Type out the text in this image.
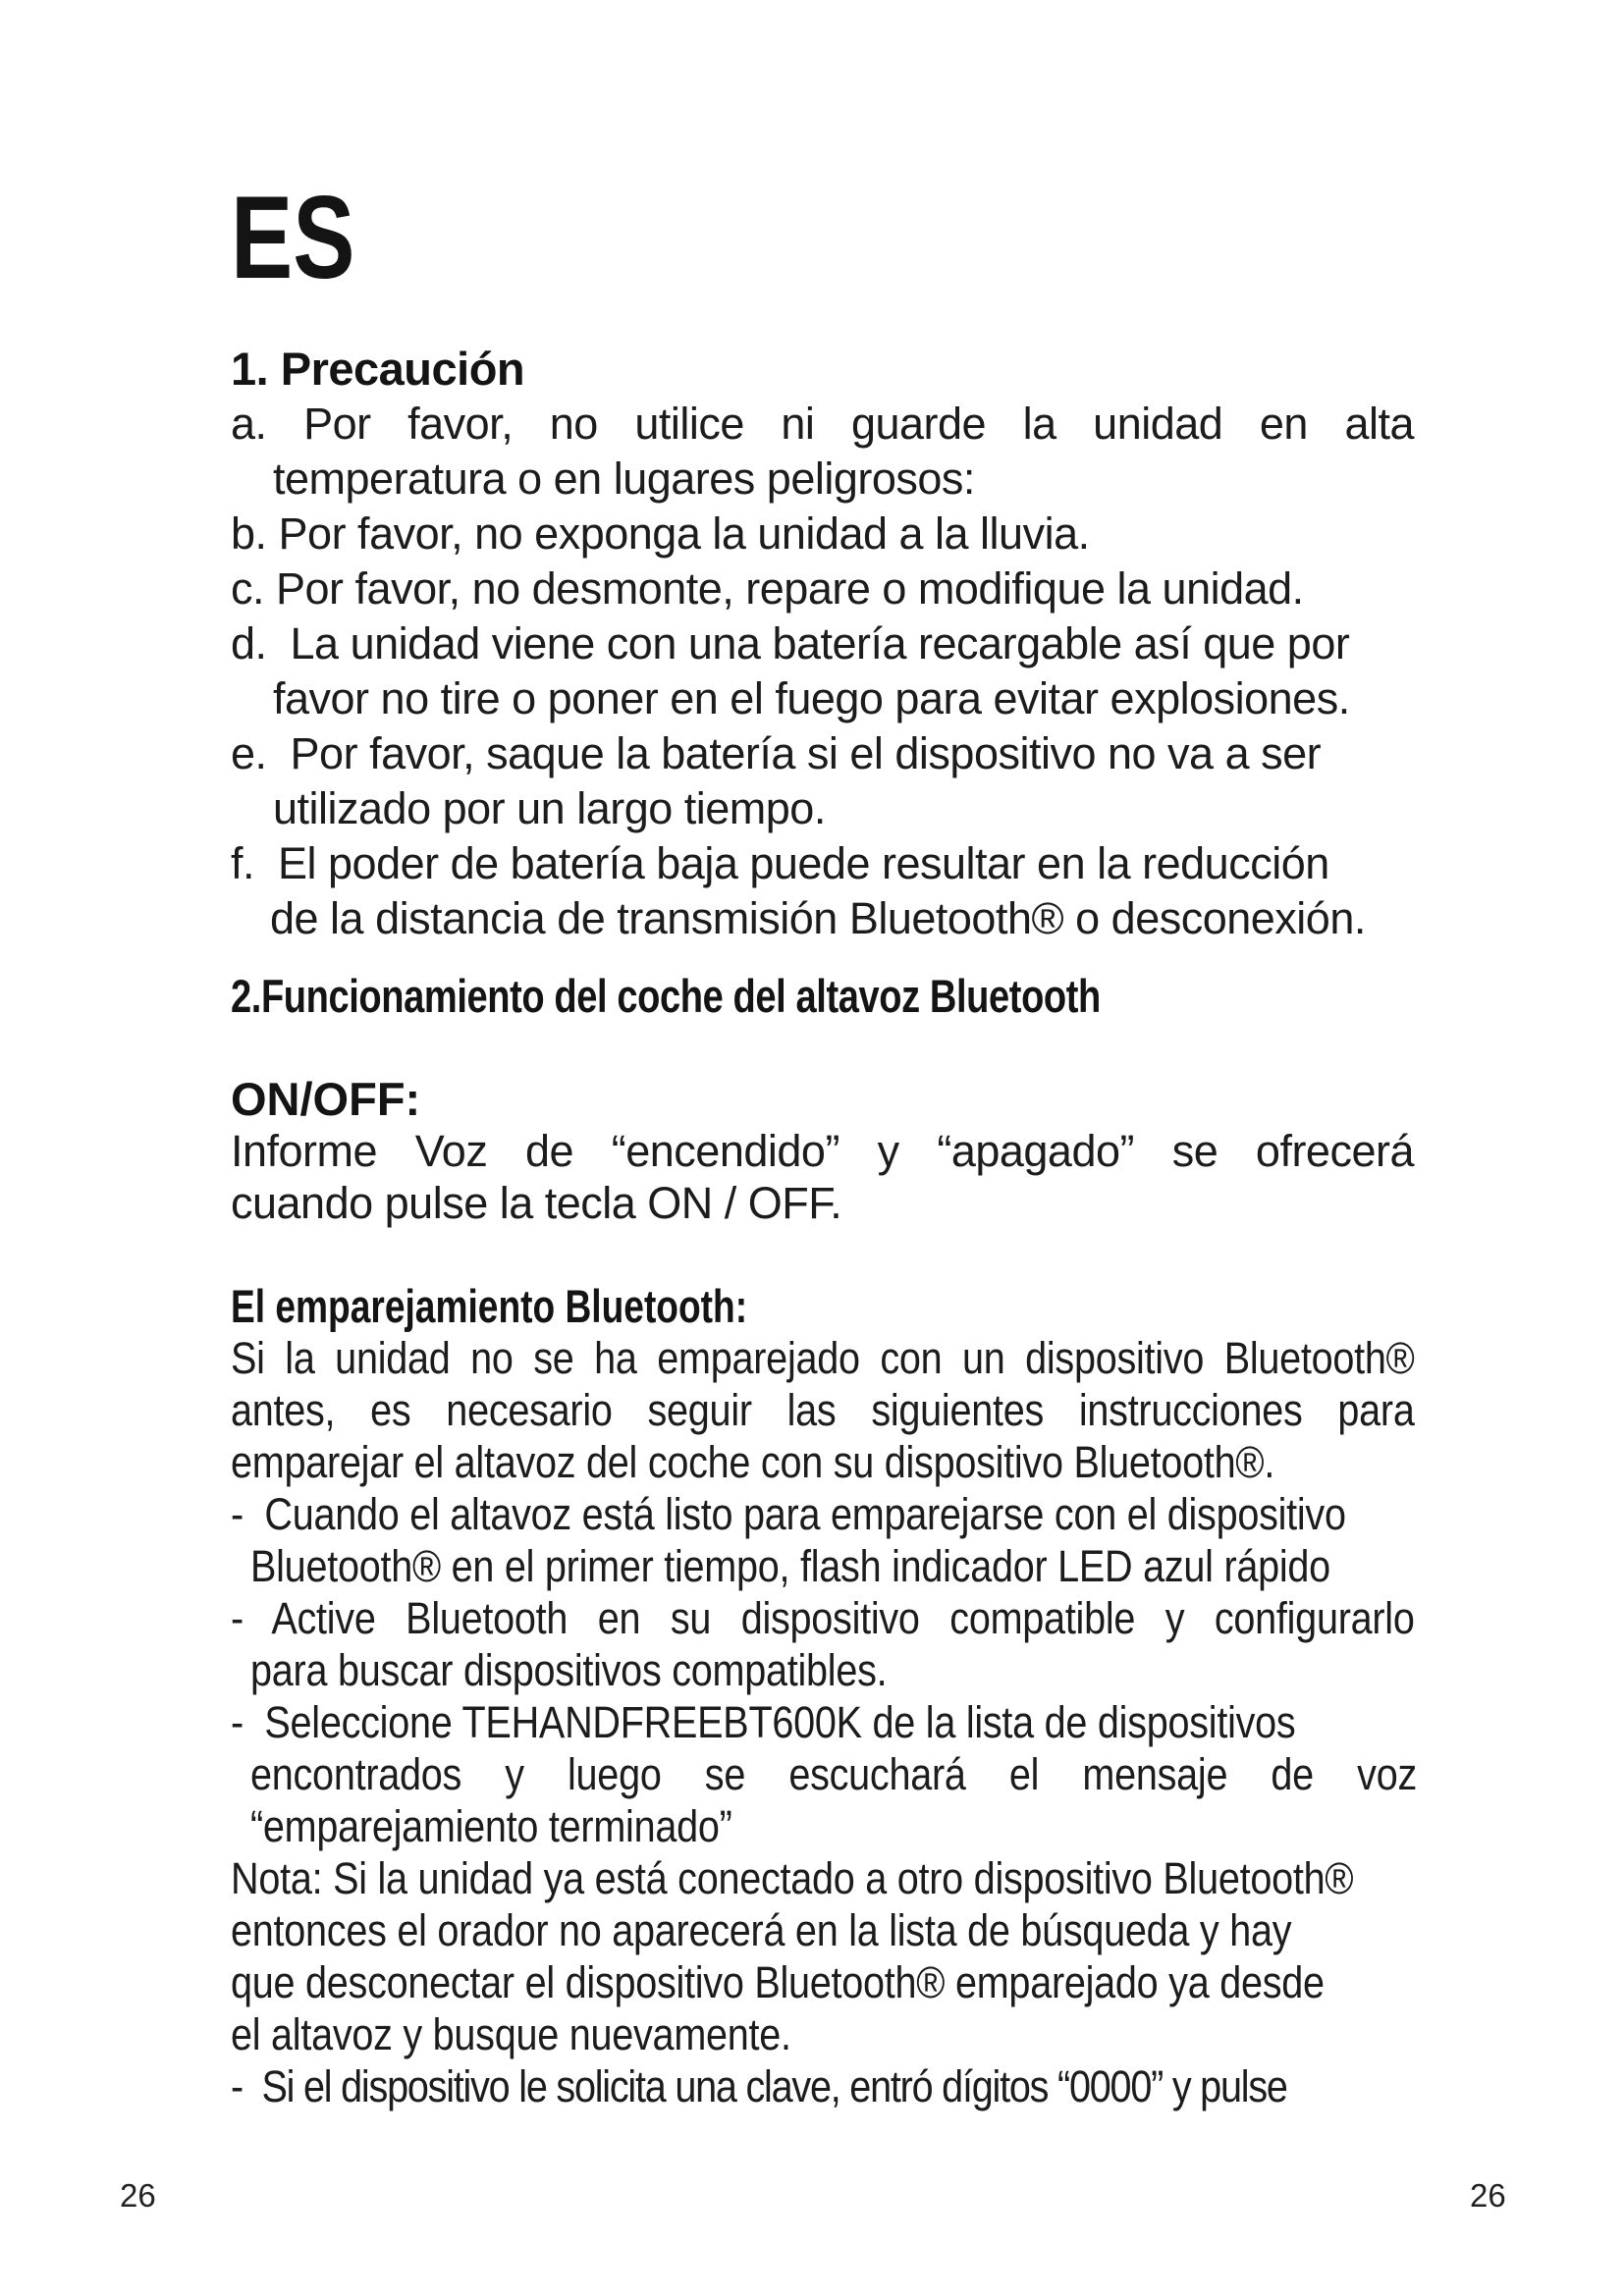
ES
1. Precaución
a. Por favor, no utilice ni guarde la unidad en alta
temperatura o en lugares peligrosos:
b. Por favor, no exponga la unidad a la lluvia.
c. Por favor, no desmonte, repare o modifique la unidad.
d.  La unidad viene con una batería recargable así que por
favor no tire o poner en el fuego para evitar explosiones.
e.  Por favor, saque la batería si el dispositivo no va a ser
utilizado por un largo tiempo.
f.  El poder de batería baja puede resultar en la reducción
de la distancia de transmisión Bluetooth® o desconexión.
2.Funcionamiento del coche del altavoz Bluetooth
ON/OFF:
Informe Voz de “encendido” y “apagado” se ofrecerá
cuando pulse la tecla ON / OFF.
El emparejamiento Bluetooth:
Si la unidad no se ha emparejado con un dispositivo Bluetooth®
antes, es necesario seguir las siguientes instrucciones para
emparejar el altavoz del coche con su dispositivo Bluetooth®.
-  Cuando el altavoz está listo para emparejarse con el dispositivo
Bluetooth® en el primer tiempo, flash indicador LED azul rápido
- Active Bluetooth en su dispositivo compatible y configurarlo
para buscar dispositivos compatibles.
-  Seleccione TEHANDFREEBT600K de la lista de dispositivos
encontrados y luego se escuchará el mensaje de voz
“emparejamiento terminado”
Nota: Si la unidad ya está conectado a otro dispositivo Bluetooth®
entonces el orador no aparecerá en la lista de búsqueda y hay
que desconectar el dispositivo Bluetooth® emparejado ya desde
el altavoz y busque nuevamente.
-  Si el dispositivo le solicita una clave, entró dígitos “0000” y pulse
26	26
